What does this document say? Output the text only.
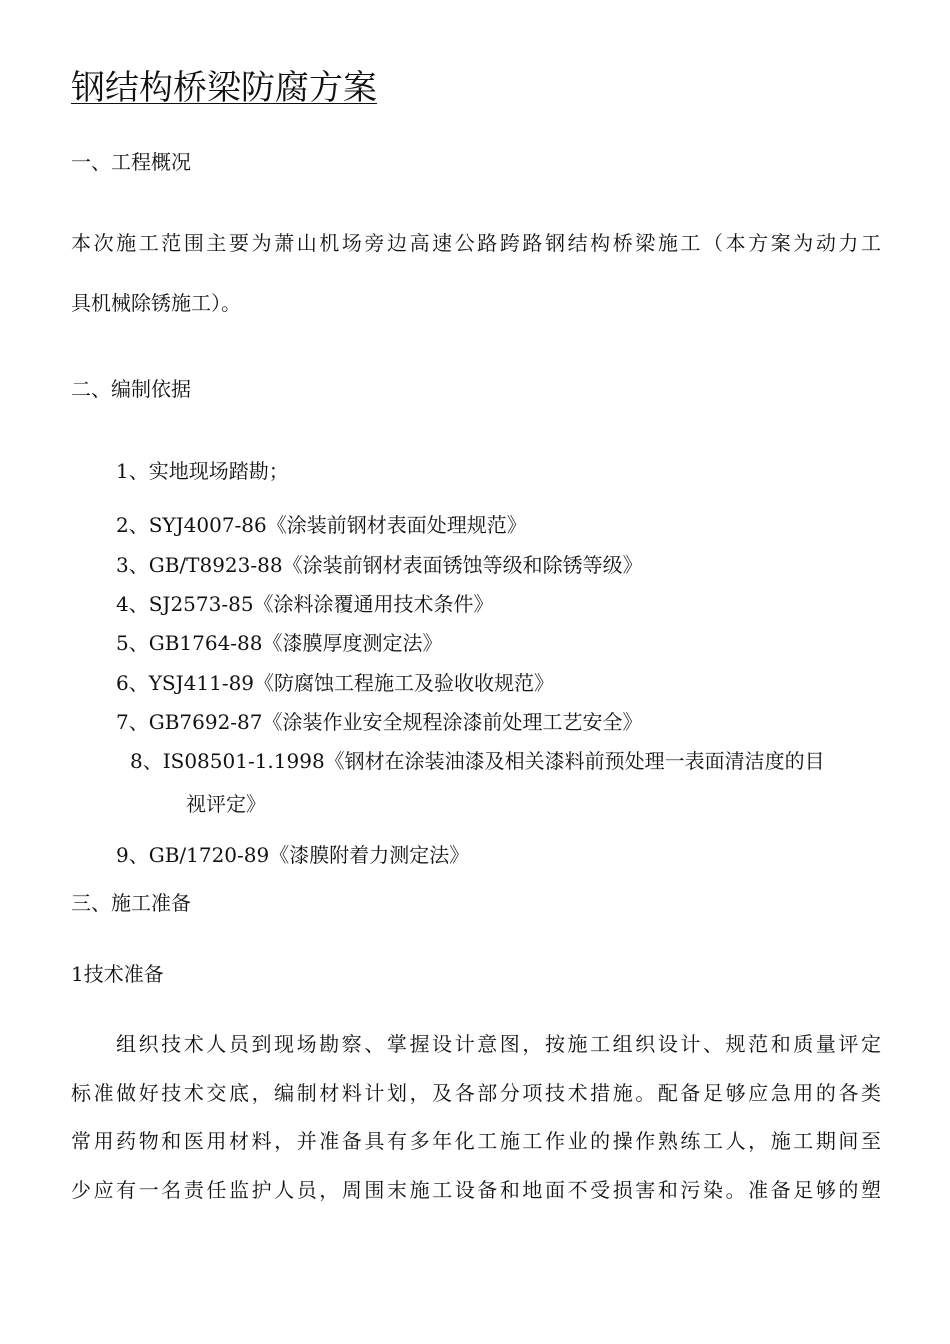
钢结构桥梁防腐方案

一、工程概况

本次施工范围主要为萧山机场旁边高速公路跨路钢结构桥梁施工（本方案为动力工

具机械除锈施工）。

二、编制依据

1、实地现场踏勘；

2、SYJ4007-86《涂装前钢材表面处理规范》

3、GB/T8923-88《涂装前钢材表面锈蚀等级和除锈等级》

4、SJ2573-85《涂料涂覆通用技术条件》

5、GB1764-88《漆膜厚度测定法》

6、YSJ411-89《防腐蚀工程施工及验收收规范》

7、GB7692-87《涂装作业安全规程涂漆前处理工艺安全》

8、IS08501-1.1998《钢材在涂装油漆及相关漆料前预处理一表面清洁度的目

视评定》

9、GB/1720-89《漆膜附着力测定法》

三、施工准备

1技术准备

组织技术人员到现场勘察、掌握设计意图，按施工组织设计、规范和质量评定

标准做好技术交底，编制材料计划，及各部分项技术措施。配备足够应急用的各类

常用药物和医用材料，并准备具有多年化工施工作业的操作熟练工人，施工期间至

少应有一名责任监护人员，周围末施工设备和地面不受损害和污染。准备足够的塑
